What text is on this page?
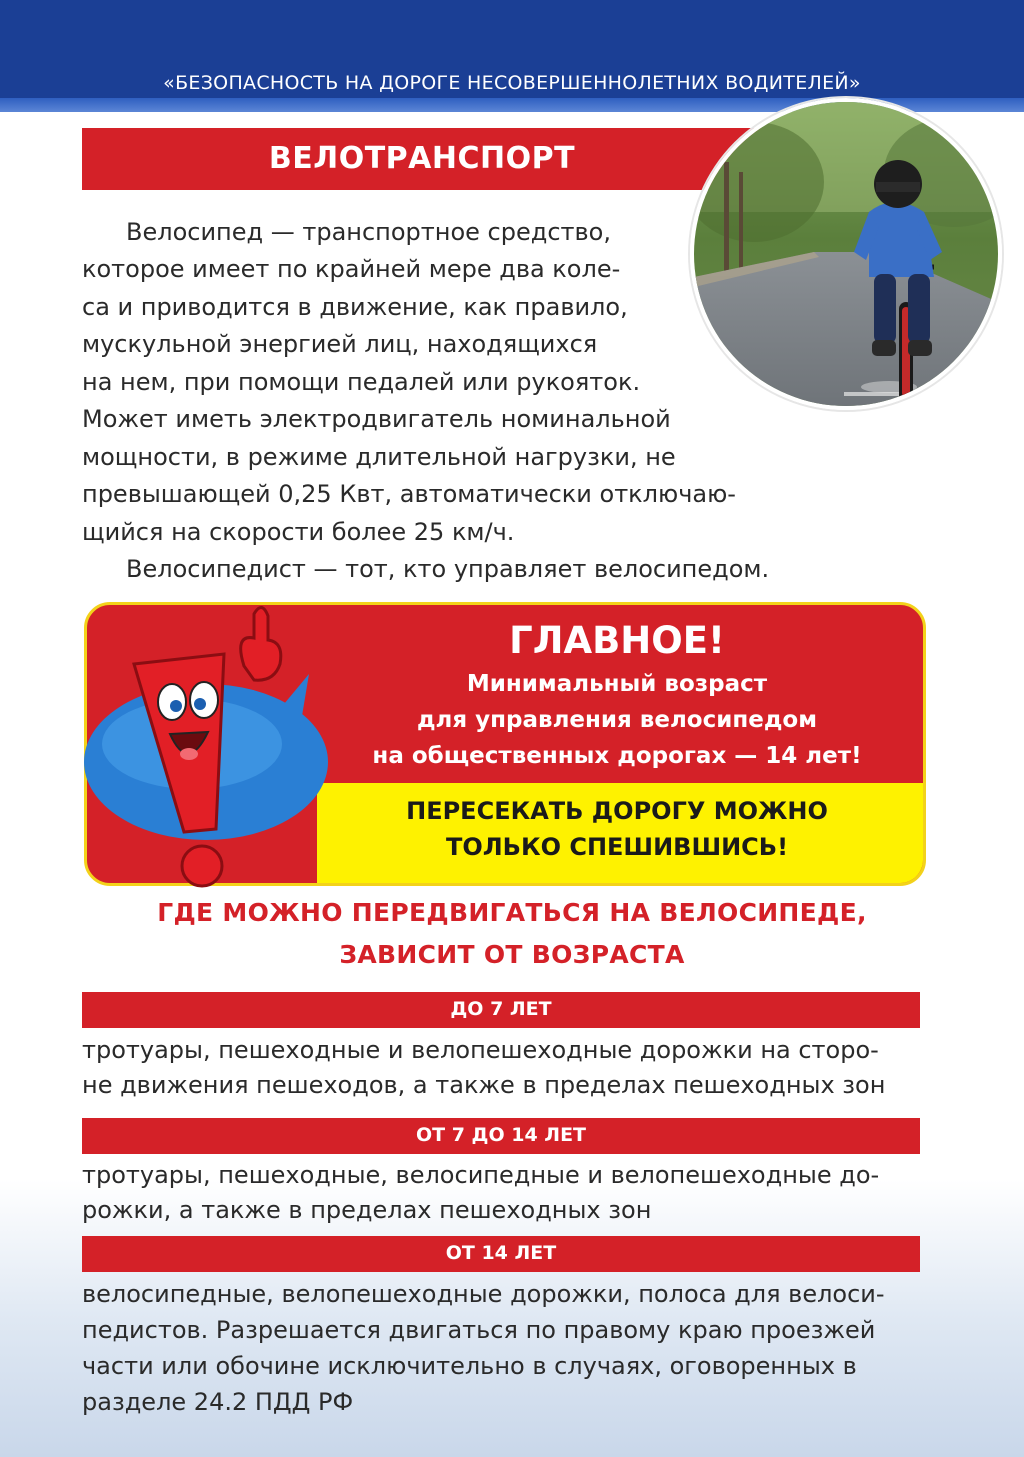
«БЕЗОПАСНОСТЬ НА ДОРОГЕ НЕСОВЕРШЕННОЛЕТНИХ ВОДИТЕЛЕЙ»
ВЕЛОТРАНСПОРТ

Велосипед — транспортное средство,

которое имеет по крайней мере два коле-

са и приводится в движение, как правило,

мускульной энергией лиц, находящихся

на нем, при помощи педалей или рукояток.

Может иметь электродвигатель номинальной

мощности, в режиме длительной нагрузки, не

превышающей 0,25 Квт, автоматически отключаю-

щийся на скорости более 25 км/ч.

Велосипедист — тот, кто управляет велосипедом.

ГЛАВНОЕ!
Минимальный возраст
для управления велосипедом
на общественных дорогах — 14 лет!
ПЕРЕСЕКАТЬ ДОРОГУ МОЖНО
ТОЛЬКО СПЕШИВШИСЬ!
ГДЕ МОЖНО ПЕРЕДВИГАТЬСЯ НА ВЕЛОСИПЕДЕ,
ЗАВИСИТ ОТ ВОЗРАСТА
ДО 7 ЛЕТ

тротуары, пешеходные и велопешеходные дорожки на сторо-

не движения пешеходов, а также в пределах пешеходных зон

ОТ 7 ДО 14 ЛЕТ

тротуары, пешеходные, велосипедные и велопешеходные до-

рожки, а также в пределах пешеходных зон

ОТ 14 ЛЕТ

велосипедные, велопешеходные дорожки, полоса для велоси-

педистов. Разрешается двигаться по правому краю проезжей

части или обочине исключительно в случаях, оговоренных в

разделе 24.2 ПДД РФ
